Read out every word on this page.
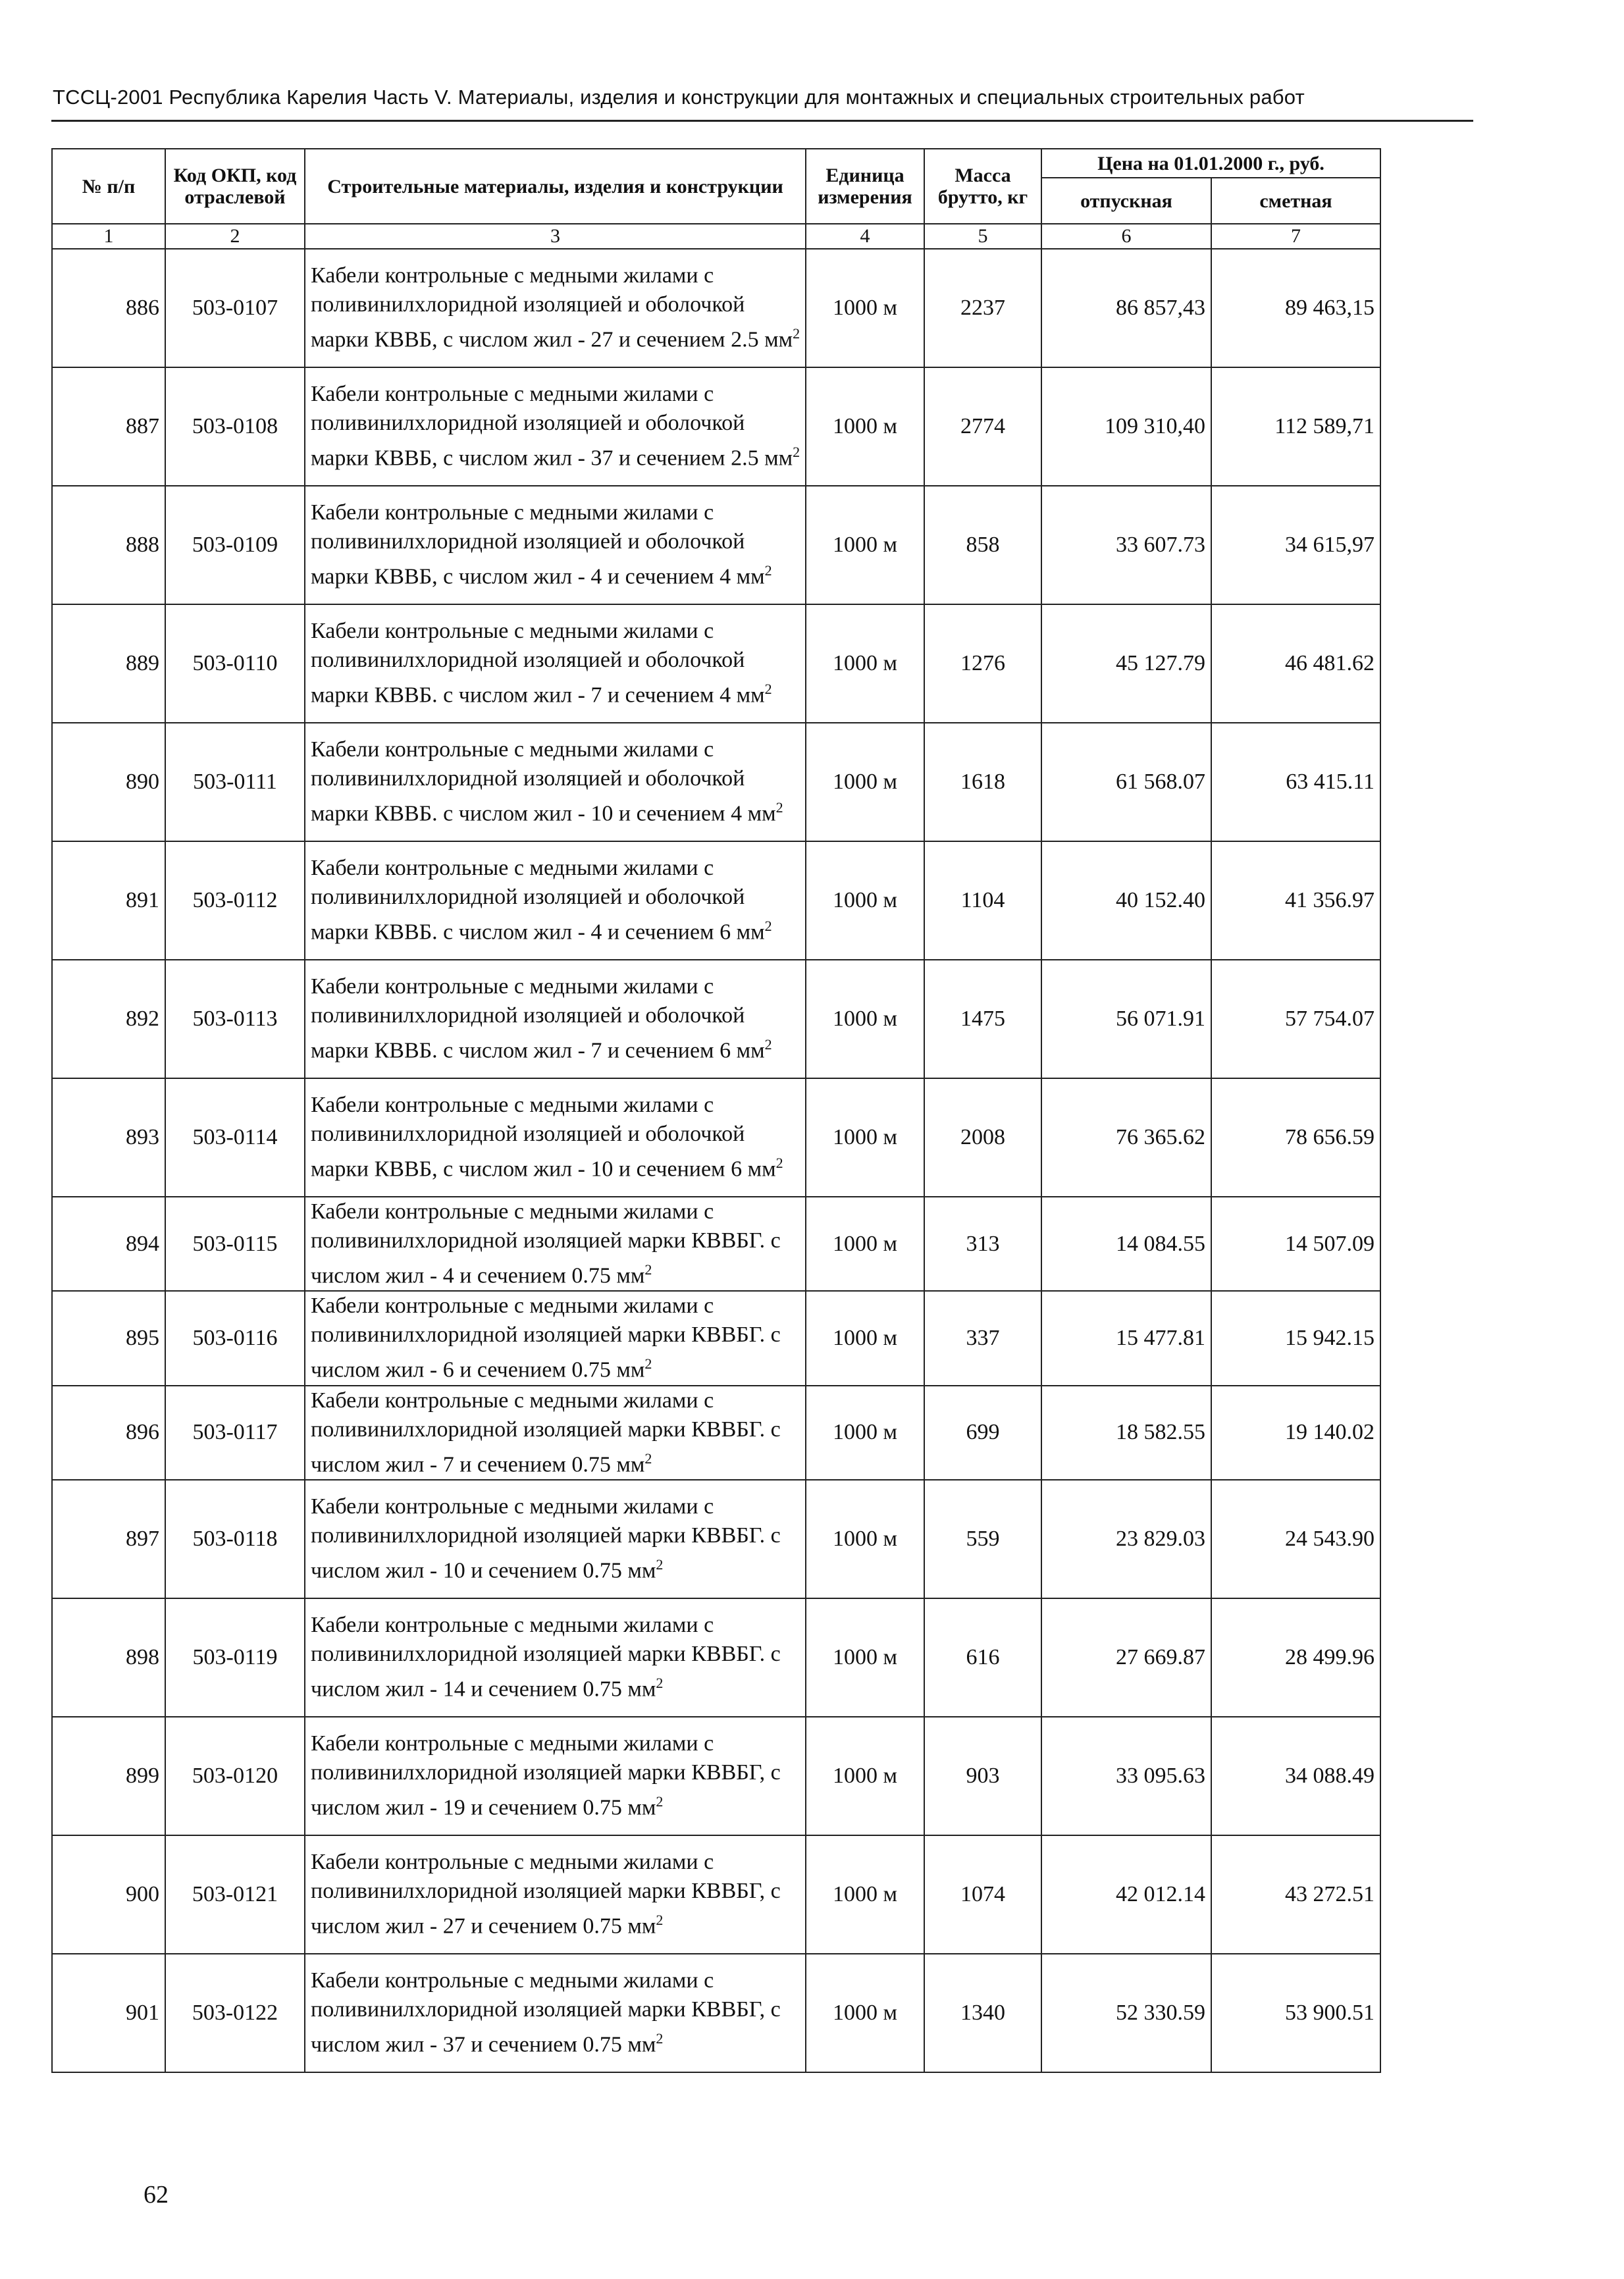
ТССЦ-2001 Республика Карелия Часть V. Материалы, изделия и конструкции для монтажных и специальных строительных работ
№ п/п	Код ОКП, код отраслевой	Строительные материалы, изделия и конструкции	Единица измерения	Масса брутто, кг	Цена на 01.01.2000 г., руб.	
					отпускная	сметная
1	2	3	4	5	6	7
886	503-0107	Кабели контрольные с медными жилами с поливинилхлоридной изоляцией и оболочкой марки КВВБ, с числом жил - 27 и сечением 2.5 $мм^2$	1000 м	2237	86 857,43	89 463,15
887	503-0108	Кабели контрольные с медными жилами с поливинилхлоридной изоляцией и оболочкой марки КВВБ, с числом жил - 37 и сечением 2.5 $мм^2$	1000 м	2774	109 310,40	112 589,71
888	503-0109	Кабели контрольные с медными жилами с поливинилхлоридной изоляцией и оболочкой марки КВВБ, с числом жил - 4 и сечением 4 $мм^2$	1000 м	858	33 607.73	34 615,97
889	503-0110	Кабели контрольные с медными жилами с поливинилхлоридной изоляцией и оболочкой марки КВВБ. с числом жил - 7 и сечением 4 $мм^2$	1000 м	1276	45 127.79	46 481.62
890	503-0111	Кабели контрольные с медными жилами с поливинилхлоридной изоляцией и оболочкой марки КВВБ. с числом жил - 10 и сечением 4 $мм^2$	1000 м	1618	61 568.07	63 415.11
891	503-0112	Кабели контрольные с медными жилами с поливинилхлоридной изоляцией и оболочкой марки КВВБ. с числом жил - 4 и сечением 6 $мм^2$	1000 м	1104	40 152.40	41 356.97
892	503-0113	Кабели контрольные с медными жилами с поливинилхлоридной изоляцией и оболочкой марки КВВБ. с числом жил - 7 и сечением 6 $мм^2$	1000 м	1475	56 071.91	57 754.07
893	503-0114	Кабели контрольные с медными жилами с поливинилхлоридной изоляцией и оболочкой марки КВВБ, с числом жил - 10 и сечением 6 $мм^2$	1000 м	2008	76 365.62	78 656.59
894	503-0115	Кабели контрольные с медными жилами с поливинилхлоридной изоляцией марки КВВБГ. с числом жил - 4 и сечением 0.75 $мм^2$	1000 м	313	14 084.55	14 507.09
895	503-0116	Кабели контрольные с медными жилами с поливинилхлоридной изоляцией марки КВВБГ. с числом жил - 6 и сечением 0.75 $мм^2$	1000 м	337	15 477.81	15 942.15
896	503-0117	Кабели контрольные с медными жилами с поливинилхлоридной изоляцией марки КВВБГ. с числом жил - 7 и сечением 0.75 $мм^2$	1000 м	699	18 582.55	19 140.02
897	503-0118	Кабели контрольные с медными жилами с поливинилхлоридной изоляцией марки КВВБГ. с числом жил - 10 и сечением 0.75 $мм^2$	1000 м	559	23 829.03	24 543.90
898	503-0119	Кабели контрольные с медными жилами с поливинилхлоридной изоляцией марки КВВБГ. с числом жил - 14 и сечением 0.75 $мм^2$	1000 м	616	27 669.87	28 499.96
899	503-0120	Кабели контрольные с медными жилами с поливинилхлоридной изоляцией марки КВВБГ, с числом жил - 19 и сечением 0.75 $мм^2$	1000 м	903	33 095.63	34 088.49
900	503-0121	Кабели контрольные с медными жилами с поливинилхлоридной изоляцией марки КВВБГ, с числом жил - 27 и сечением 0.75 $мм^2$	1000 м	1074	42 012.14	43 272.51
901	503-0122	Кабели контрольные с медными жилами с поливинилхлоридной изоляцией марки КВВБГ, с числом жил - 37 и сечением 0.75 $мм^2$	1000 м	1340	52 330.59	53 900.51
62
